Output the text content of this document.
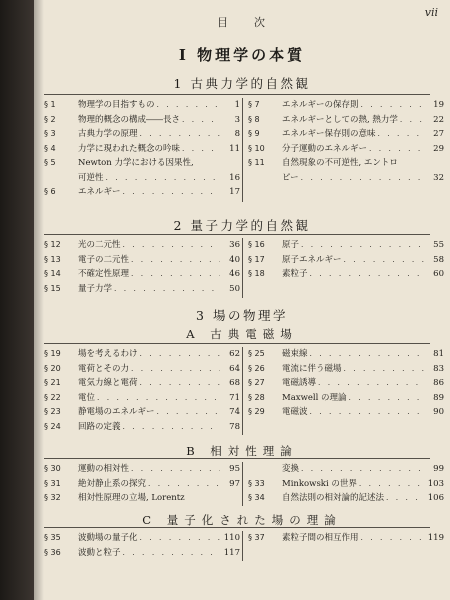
目次
vii
I 物理学の本質
1 古典力学的自然観
§ 1	物理学の目指すもの . . .	1
§ 2	物理的概念の構成――長さ . . .	3
§ 3	古典力学の原理 . . .	8
§ 4	力学に現われた概念の吟味 . . .	11
§ 5	Newton 力学における因果性,
可逆性 . . .	16
§ 6	エネルギー . . .	17
§ 7	エネルギーの保存則 . . .	19
§ 8	エネルギーとしての熱, 熱力学 . . .	22
§ 9	エネルギー保存則の意味 . . .	27
§ 10	分子運動のエネルギー . . .	29
§ 11	自然現象の不可逆性, エントロ
ピー . . .	32
2 量子力学的自然観
§ 12	光の二元性 . . .	36
§ 13	電子の二元性 . . .	40
§ 14	不確定性原理 . . .	46
§ 15	量子力学 . . .	50
§ 16	原子 . . .	55
§ 17	原子エネルギー . . .	58
§ 18	素粒子 . . .	60
3 場の物理学
A 古典電磁場
§ 19	場を考えるわけ . . .	62
§ 20	電荷とその力 . . .	64
§ 21	電気力線と電荷 . . .	68
§ 22	電位 . . .	71
§ 23	静電場のエネルギー . . .	74
§ 24	回路の定義 . . .	78
§ 25	磁束線 . . .	81
§ 26	電流に伴う磁場 . . .	83
§ 27	電磁誘導 . . .	86
§ 28	Maxwell の理論 . . .	89
§ 29	電磁波 . . .	90
B 相対性理論
§ 30	運動の相対性 . . .	95
§ 31	絶対静止系の探究 . . .	97
§ 32	相対性原理の立場, Lorentz
変換 . . .	99
§ 33	Minkowski の世界 . . .	103
§ 34	自然法則の相対論的記述法 . . .	106
C 量子化された場の理論
§ 35	波動場の量子化 . . .	110
§ 36	波動と粒子 . . .	117
§ 37	素粒子間の相互作用 . . .	119
